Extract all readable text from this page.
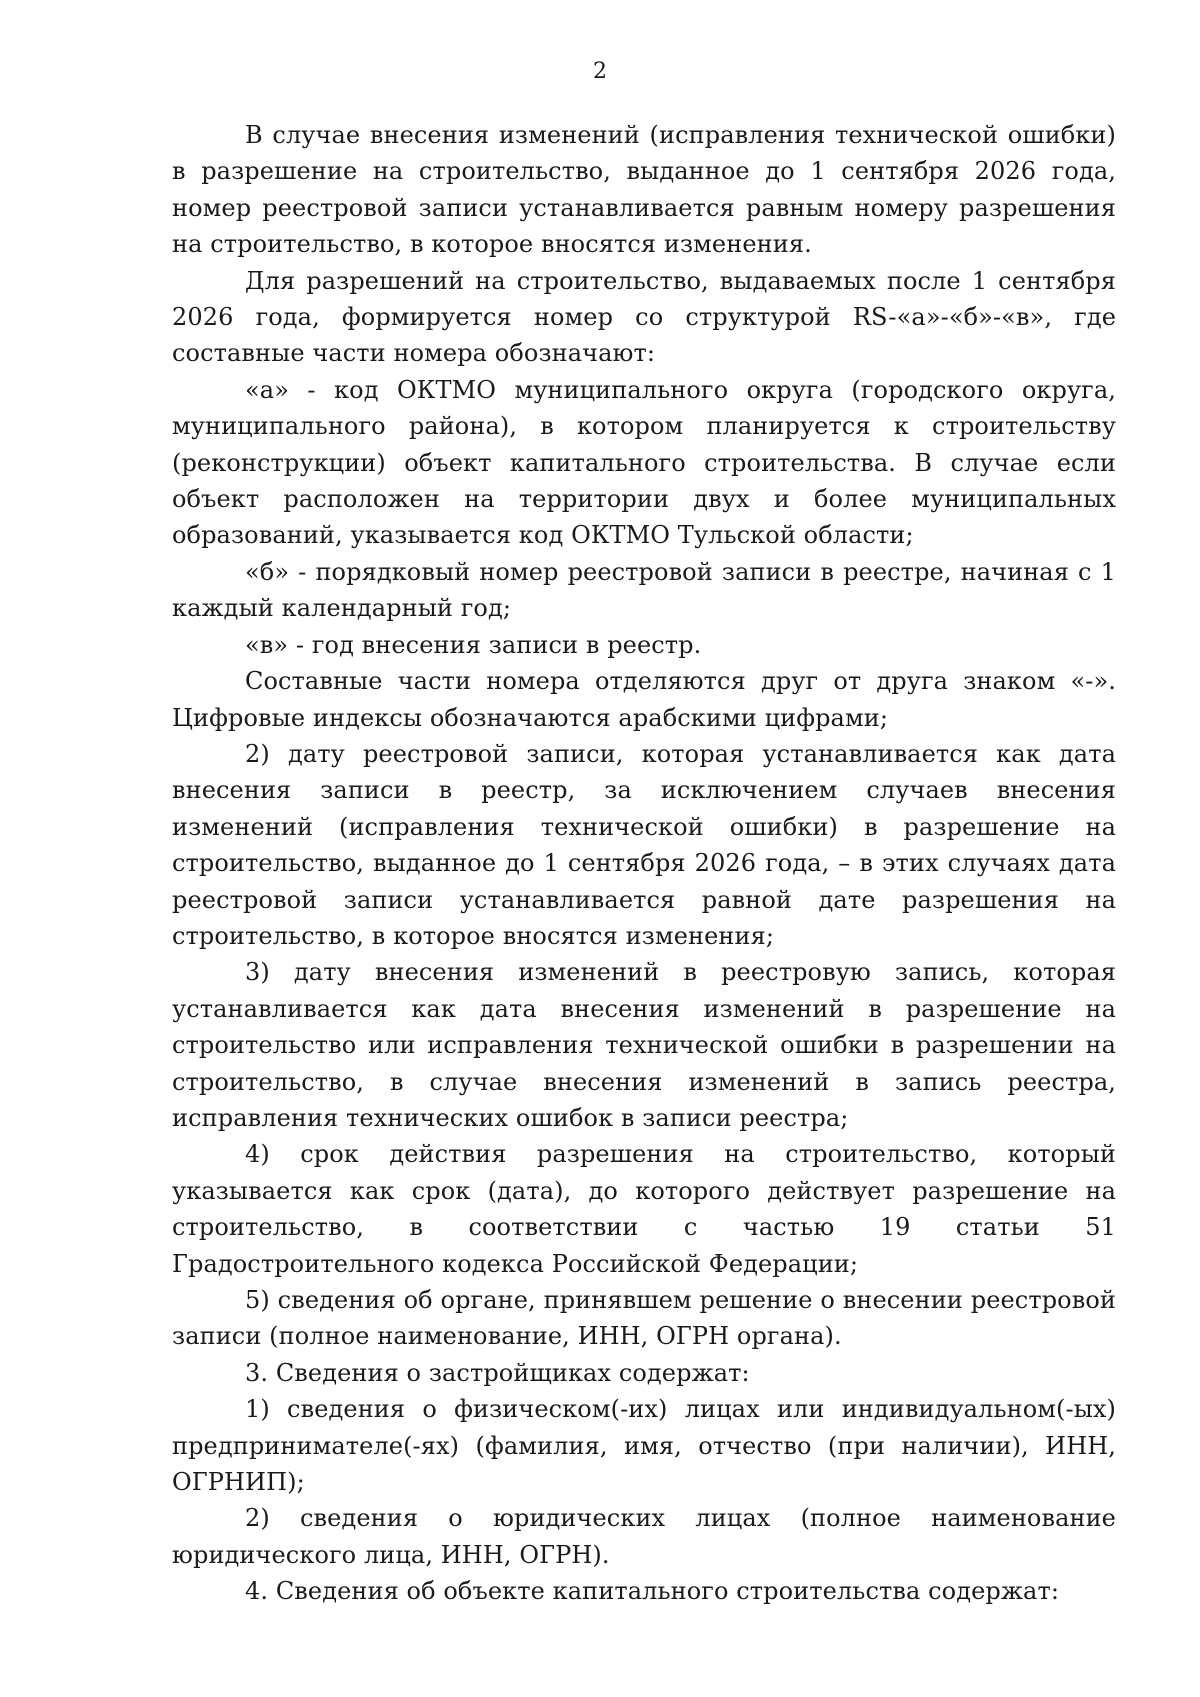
2

В случае внесения изменений (исправления технической ошибки) в разрешение на строительство, выданное до 1 сентября 2026 года, номер реестровой записи устанавливается равным номеру разрешения на строительство, в которое вносятся изменения.

Для разрешений на строительство, выдаваемых после 1 сентября 2026 года, формируется номер со структурой RS-«а»-«б»-«в», где составные части номера обозначают:

«а» - код ОКТМО муниципального округа (городского округа, муниципального района), в котором планируется к строительству (реконструкции) объект капитального строительства. В случае если объект расположен на территории двух и более муниципальных образований, указывается код ОКТМО Тульской области;

«б» - порядковый номер реестровой записи в реестре, начиная с 1 каждый календарный год;

«в» - год внесения записи в реестр.

Составные части номера отделяются друг от друга знаком «-». Цифровые индексы обозначаются арабскими цифрами;

2) дату реестровой записи, которая устанавливается как дата внесения записи в реестр, за исключением случаев внесения изменений (исправления технической ошибки) в разрешение на строительство, выданное до 1 сентября 2026 года, – в этих случаях дата реестровой записи устанавливается равной дате разрешения на строительство, в которое вносятся изменения;

3) дату внесения изменений в реестровую запись, которая устанавливается как дата внесения изменений в разрешение на строительство или исправления технической ошибки в разрешении на строительство, в случае внесения изменений в запись реестра, исправления технических ошибок в записи реестра;

4) срок действия разрешения на строительство, который указывается как срок (дата), до которого действует разрешение на строительство, в соответствии с частью 19 статьи 51 Градостроительного кодекса Российской Федерации;

5) сведения об органе, принявшем решение о внесении реестровой записи (полное наименование, ИНН, ОГРН органа).

3. Сведения о застройщиках содержат:

1) сведения о физическом(-их) лицах или индивидуальном(-ых) предпринимателе(-ях) (фамилия, имя, отчество (при наличии), ИНН, ОГРНИП);

2) сведения о юридических лицах (полное наименование юридического лица, ИНН, ОГРН).

4. Сведения об объекте капитального строительства содержат:
